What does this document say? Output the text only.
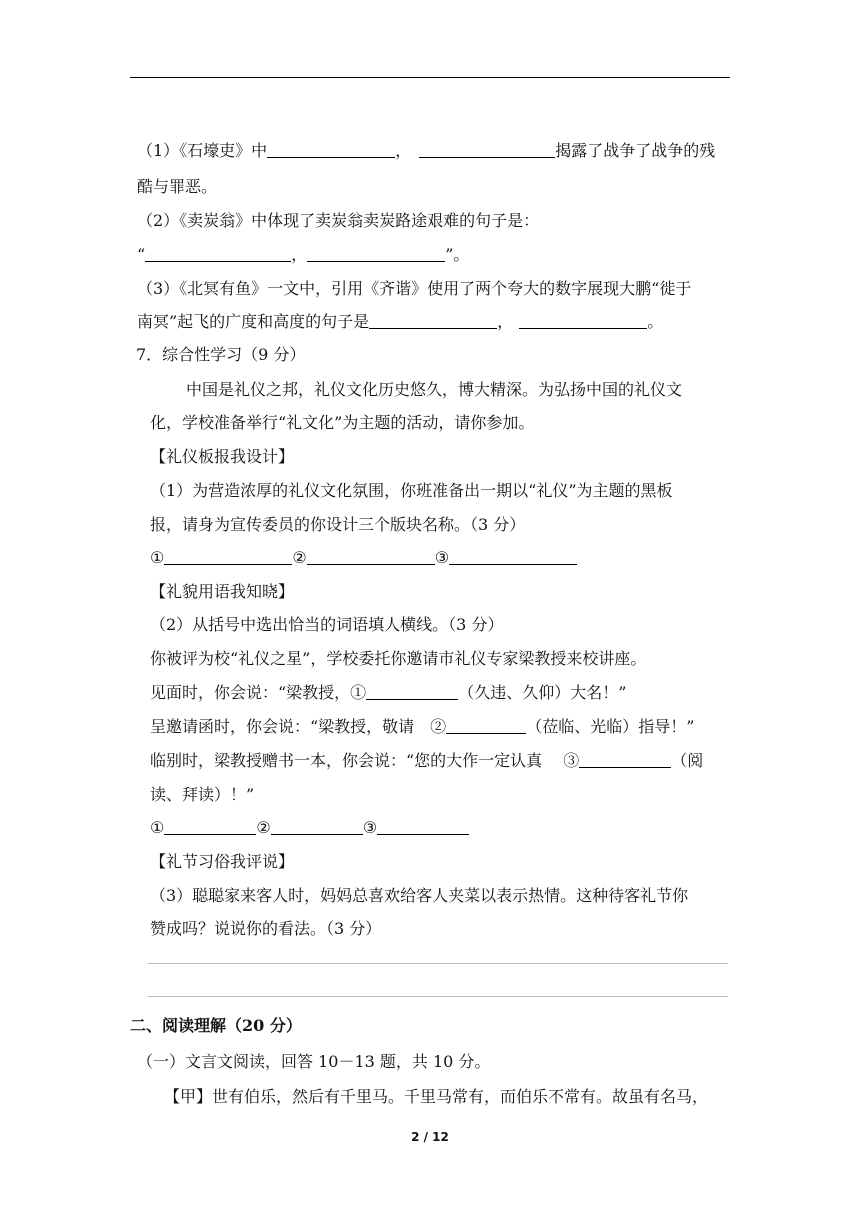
（1）《石壕吏》中	，	揭露了战争了战争的残
酷与罪恶。
（2）《卖炭翁》中体现了卖炭翁卖炭路途艰难的句子是：
“	，	”。
（3）《北冥有鱼》一文中，引用《齐谐》使用了两个夸大的数字展现大鹏“徙于
南冥”起飞的广度和高度的句子是	，	。
7．综合性学习（9 分）
中国是礼仪之邦，礼仪文化历史悠久，博大精深。为弘扬中国的礼仪文
化，学校准备举行“礼文化”为主题的活动，请你参加。
【礼仪板报我设计】
（1）为营造浓厚的礼仪文化氛围，你班准备出一期以“礼仪”为主题的黑板
报，请身为宣传委员的你设计三个版块名称。（3 分）
①	②	③
【礼貌用语我知晓】
（2）从括号中选出恰当的词语填人横线。（3 分）
你被评为校“礼仪之星”，学校委托你邀请市礼仪专家梁教授来校讲座。
见面时，你会说：“梁教授，①	（久违、久仰）大名！”
呈邀请函时，你会说：“梁教授，敬请　②	（莅临、光临）指导！”
临别时，梁教授赠书一本，你会说：“您的大作一定认真　 ③	（阅
读、拜读）！”
①	②	③
【礼节习俗我评说】
（3）聪聪家来客人时，妈妈总喜欢给客人夹菜以表示热情。这种待客礼节你
赞成吗？说说你的看法。（3 分）
二、阅读理解（20 分）
（一）文言文阅读，回答 10－13 题，共 10 分。
【甲】世有伯乐，然后有千里马。千里马常有，而伯乐不常有。故虽有名马，
2 / 12
